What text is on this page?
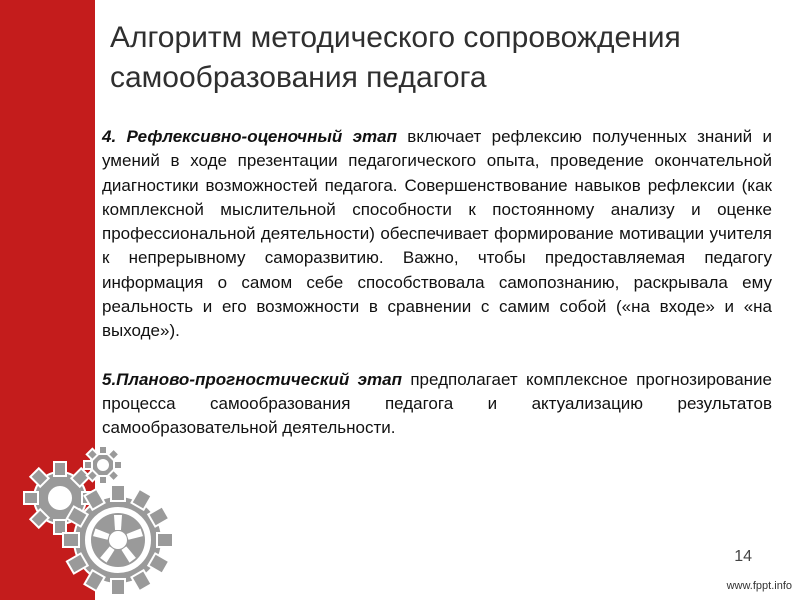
Алгоритм методического сопровождения
самообразования педагога

4. Рефлексивно-оценочный этап включает рефлексию полученных знаний и умений в ходе презентации педагогического опыта, проведение окончательной диагностики возможностей педагога. Совершенствование навыков рефлексии (как комплексной мыслительной способности к постоянному анализу и оценке профессиональной деятельности) обеспечивает формирование мотивации учителя к непрерывному саморазвитию. Важно, чтобы предоставляемая педагогу информация о самом себе способствовала самопознанию, раскрывала ему реальность и его возможности в сравнении с самим собой («на входе» и «на выходе»).

5.Планово-прогностический этап предполагает комплексное прогнозирование процесса самообразования педагога и актуализацию результатов самообразовательной деятельности.

14
www.fppt.info
